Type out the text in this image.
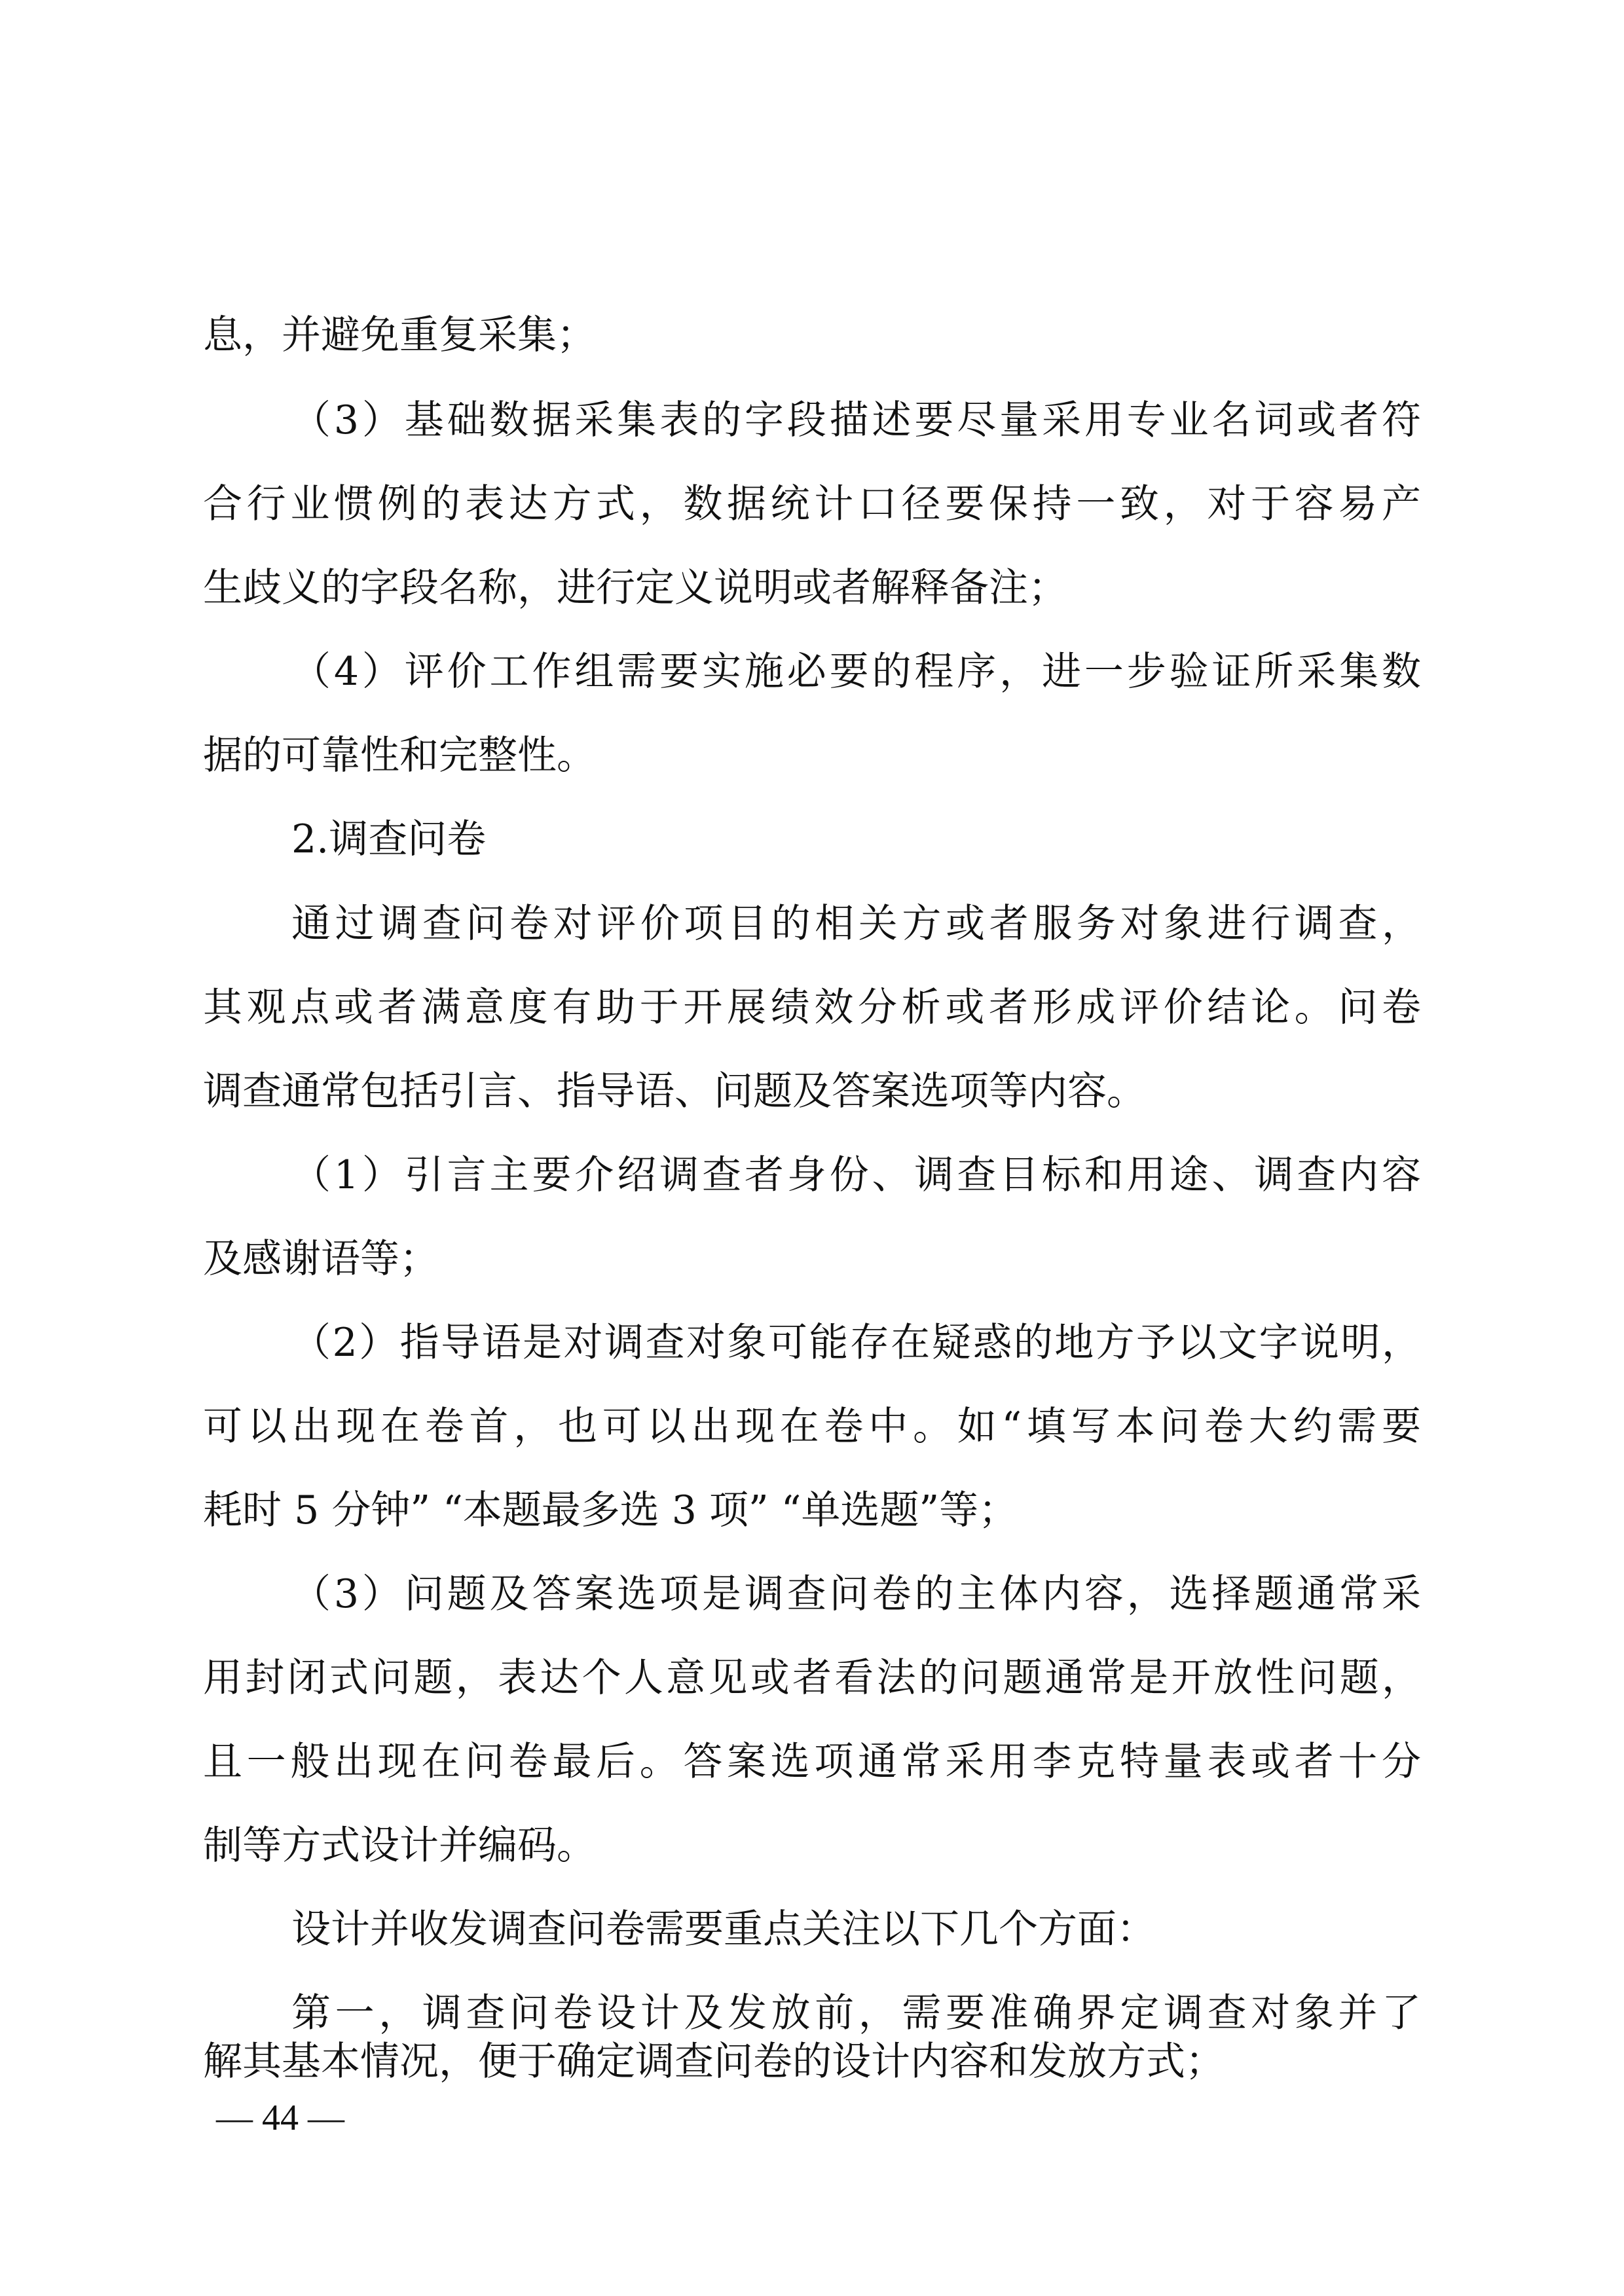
息，并避免重复采集；
（3）基础数据采集表的字段描述要尽量采用专业名词或者符
合行业惯例的表达方式，数据统计口径要保持一致，对于容易产
生歧义的字段名称，进行定义说明或者解释备注；
（4）评价工作组需要实施必要的程序，进一步验证所采集数
据的可靠性和完整性。
2.调查问卷
通过调查问卷对评价项目的相关方或者服务对象进行调查，
其观点或者满意度有助于开展绩效分析或者形成评价结论。问卷
调查通常包括引言、指导语、问题及答案选项等内容。
（1）引言主要介绍调查者身份、调查目标和用途、调查内容
及感谢语等；
（2）指导语是对调查对象可能存在疑惑的地方予以文字说明，
可以出现在卷首，也可以出现在卷中。如“填写本问卷大约需要
耗时 5 分钟” “本题最多选 3 项” “单选题”等；
（3）问题及答案选项是调查问卷的主体内容，选择题通常采
用封闭式问题，表达个人意见或者看法的问题通常是开放性问题，
且一般出现在问卷最后。答案选项通常采用李克特量表或者十分
制等方式设计并编码。
设计并收发调查问卷需要重点关注以下几个方面：
第一，调查问卷设计及发放前，需要准确界定调查对象并了
解其基本情况，便于确定调查问卷的设计内容和发放方式；
— 44 —
